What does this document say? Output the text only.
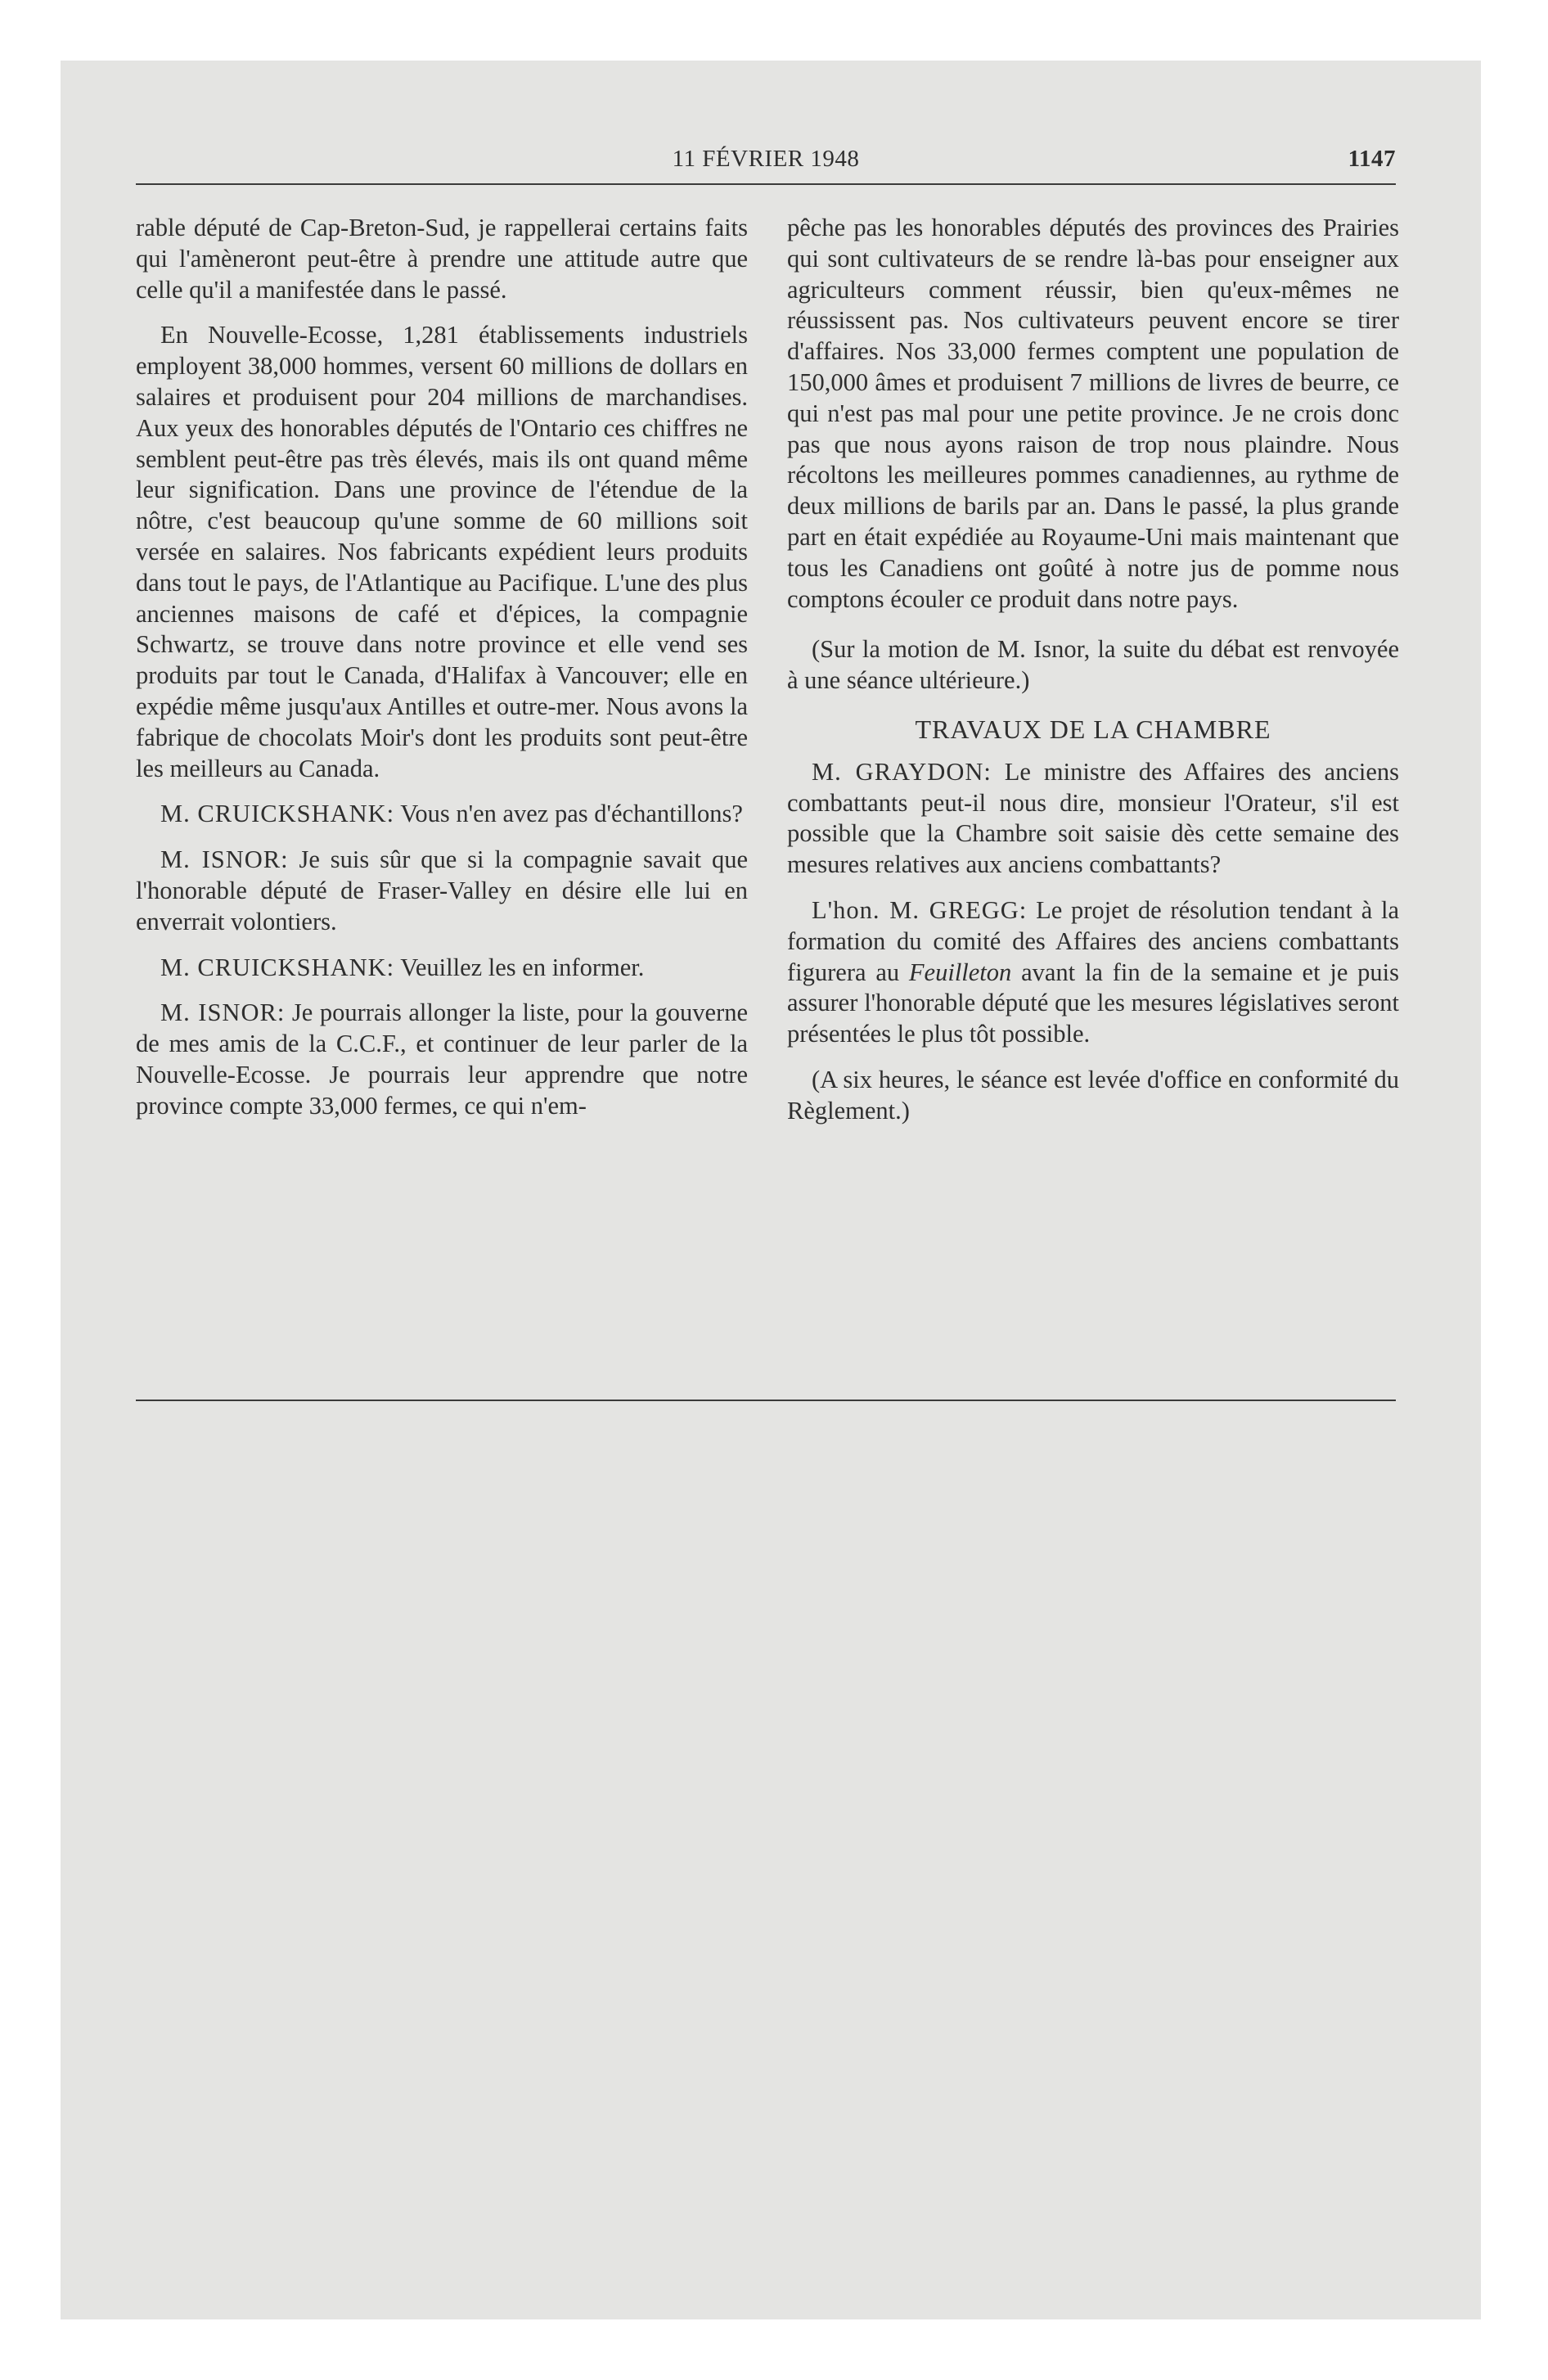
11 FÉVRIER 1948	1147

rable député de Cap-Breton-Sud, je rappellerai certains faits qui l'amèneront peut-être à prendre une attitude autre que celle qu'il a manifestée dans le passé.

En Nouvelle-Ecosse, 1,281 établissements industriels employent 38,000 hommes, versent 60 millions de dollars en salaires et produisent pour 204 millions de marchandises. Aux yeux des honorables députés de l'Ontario ces chiffres ne semblent peut-être pas très élevés, mais ils ont quand même leur signification. Dans une province de l'étendue de la nôtre, c'est beaucoup qu'une somme de 60 millions soit versée en salaires. Nos fabricants expédient leurs produits dans tout le pays, de l'Atlantique au Pacifique. L'une des plus anciennes maisons de café et d'épices, la compagnie Schwartz, se trouve dans notre province et elle vend ses produits par tout le Canada, d'Halifax à Vancouver; elle en expédie même jusqu'aux Antilles et outre-mer. Nous avons la fabrique de chocolats Moir's dont les produits sont peut-être les meilleurs au Canada.

M. CRUICKSHANK: Vous n'en avez pas d'échantillons?

M. ISNOR: Je suis sûr que si la compagnie savait que l'honorable député de Fraser-Valley en désire elle lui en enverrait volontiers.

M. CRUICKSHANK: Veuillez les en informer.

M. ISNOR: Je pourrais allonger la liste, pour la gouverne de mes amis de la C.C.F., et continuer de leur parler de la Nouvelle-Ecosse. Je pourrais leur apprendre que notre province compte 33,000 fermes, ce qui n'em-

pêche pas les honorables députés des provinces des Prairies qui sont cultivateurs de se rendre là-bas pour enseigner aux agriculteurs comment réussir, bien qu'eux-mêmes ne réussissent pas. Nos cultivateurs peuvent encore se tirer d'affaires. Nos 33,000 fermes comptent une population de 150,000 âmes et produisent 7 millions de livres de beurre, ce qui n'est pas mal pour une petite province. Je ne crois donc pas que nous ayons raison de trop nous plaindre. Nous récoltons les meilleures pommes canadiennes, au rythme de deux millions de barils par an. Dans le passé, la plus grande part en était expédiée au Royaume-Uni mais maintenant que tous les Canadiens ont goûté à notre jus de pomme nous comptons écouler ce produit dans notre pays.

(Sur la motion de M. Isnor, la suite du débat est renvoyée à une séance ultérieure.)

TRAVAUX DE LA CHAMBRE

M. GRAYDON: Le ministre des Affaires des anciens combattants peut-il nous dire, monsieur l'Orateur, s'il est possible que la Chambre soit saisie dès cette semaine des mesures relatives aux anciens combattants?

L'hon. M. GREGG: Le projet de résolution tendant à la formation du comité des Affaires des anciens combattants figurera au Feuilleton avant la fin de la semaine et je puis assurer l'honorable député que les mesures législatives seront présentées le plus tôt possible.

(A six heures, le séance est levée d'office en conformité du Règlement.)
